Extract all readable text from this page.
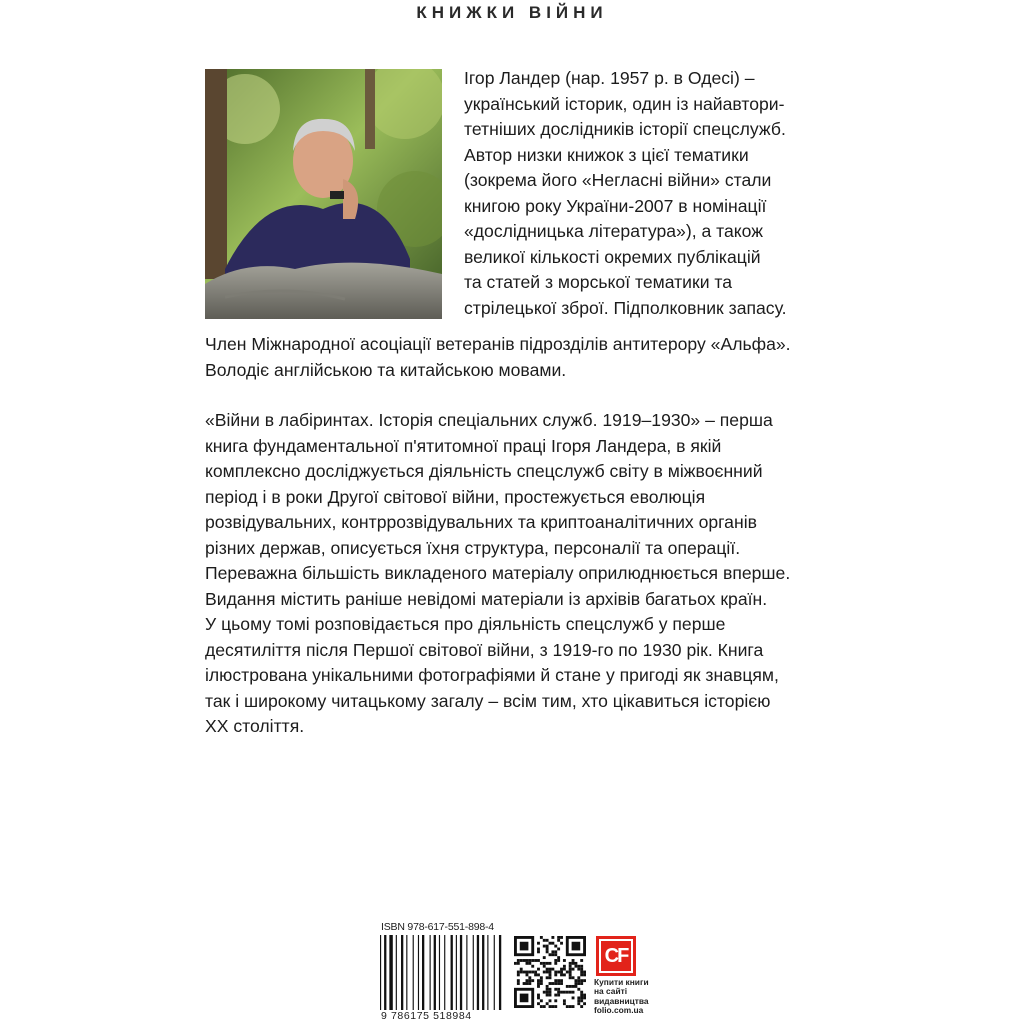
КНИЖКИ ВІЙНИ

Ігор Ландер (нар. 1957 р. в Одесі) –
український історик, один із найавтори-
тетніших дослідників історії спецслужб.
Автор низки книжок з цієї тематики
(зокрема його «Негласні війни» стали
книгою року України-2007 в номінації
«дослідницька література»), а також
великої кількості окремих публікацій
та статей з морської тематики та
стрілецької зброї. Підполковник запасу.

Член Міжнародної асоціації ветеранів підрозділів антитерору «Альфа».
Володіє англійською та китайською мовами.

«Війни в лабіринтах. Історія спеціальних служб. 1919–1930» – перша
книга фундаментальної п'ятитомної праці Ігоря Ландера, в якій
комплексно досліджується діяльність спецслужб світу в міжвоєнний
період і в роки Другої світової війни, простежується еволюція
розвідувальних, контррозвідувальних та криптоаналітичних органів
різних держав, описується їхня структура, персоналії та операції.
Переважна більшість викладеного матеріалу оприлюднюється вперше.
Видання містить раніше невідомі матеріали із архівів багатьох країн.
У цьому томі розповідається про діяльність спецслужб у перше
десятиліття після Першої світової війни, з 1919-го по 1930 рік. Книга
ілюстрована унікальними фотографіями й стане у пригоді як знавцям,
так і широкому читацькому загалу – всім тим, хто цікавиться історією
XX століття.

ISBN 978-617-551-898-4
9 786175 518984
CF
Купити книги
на сайті
видавництва
folio.com.ua
